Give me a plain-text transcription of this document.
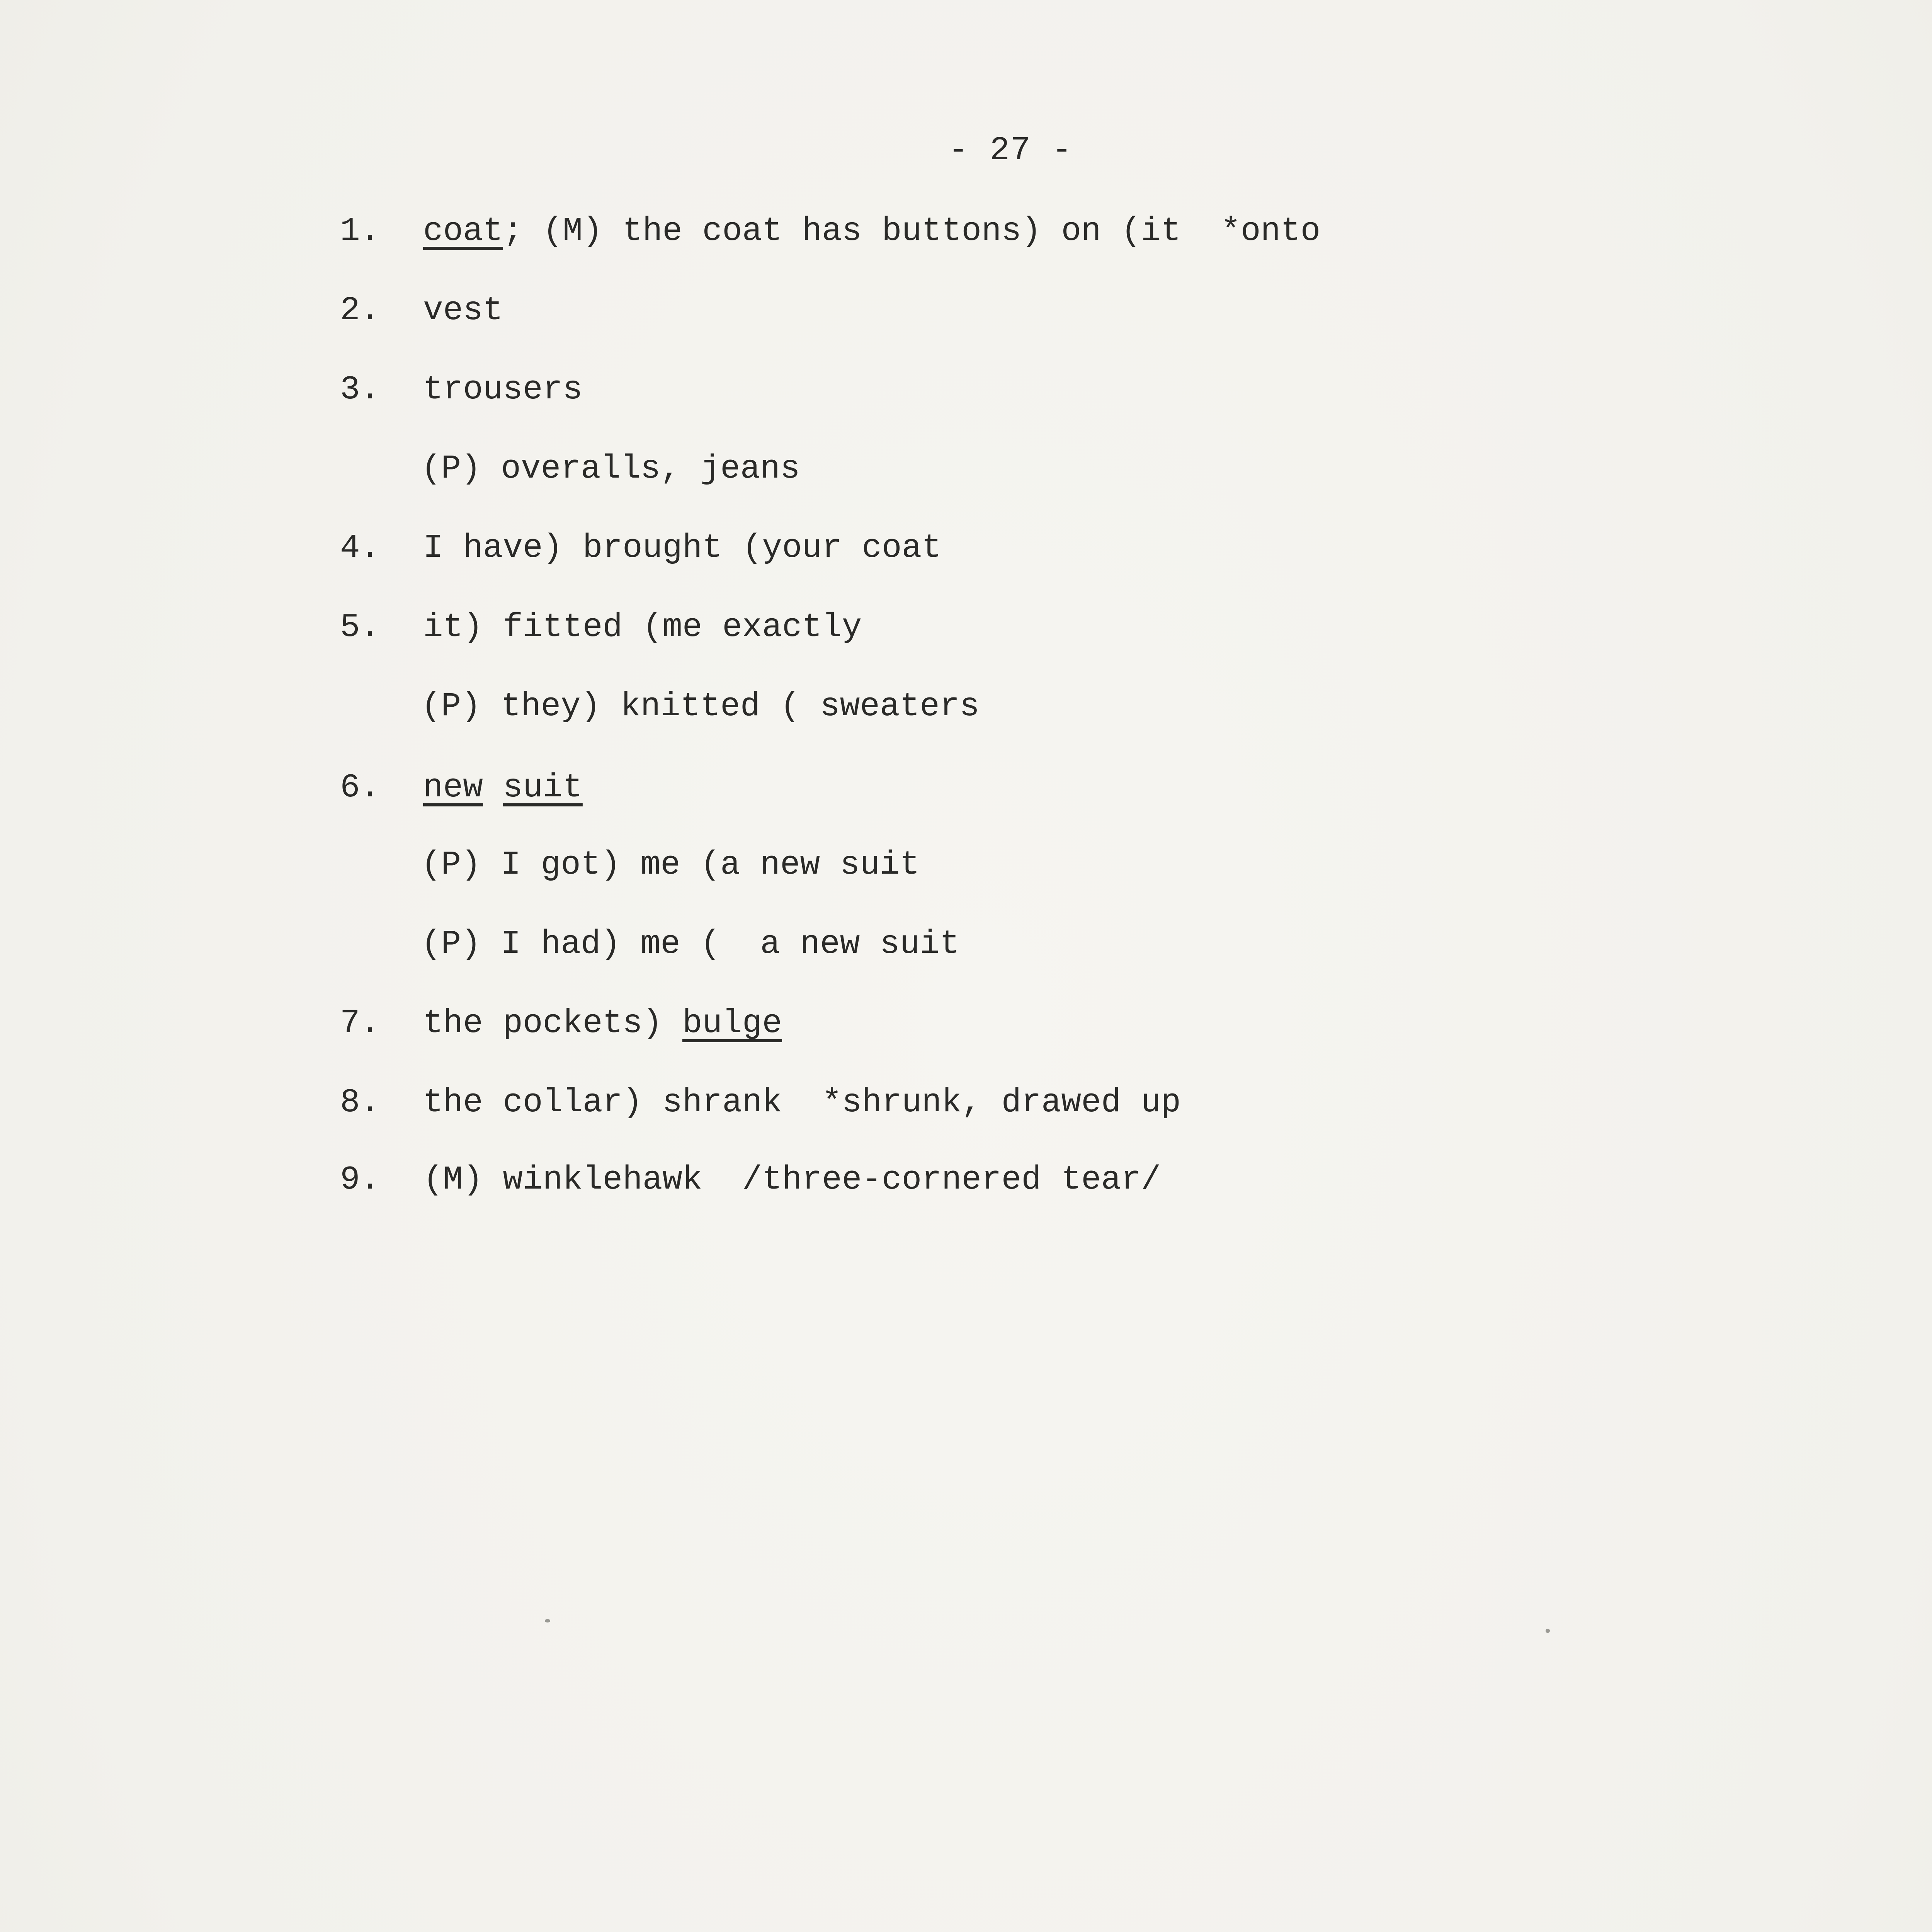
- 27 -
1. coat; (M) the coat has buttons) on (it  *onto
2. vest
3. trousers
(P) overalls, jeans
4. I have) brought (your coat
5. it) fitted (me exactly
(P) they) knitted ( sweaters
6. new suit
(P) I got) me (a new suit
(P) I had) me (  a new suit
7. the pockets) bulge
8. the collar) shrank  *shrunk, drawed up
9. (M) winklehawk  /three-cornered tear/
